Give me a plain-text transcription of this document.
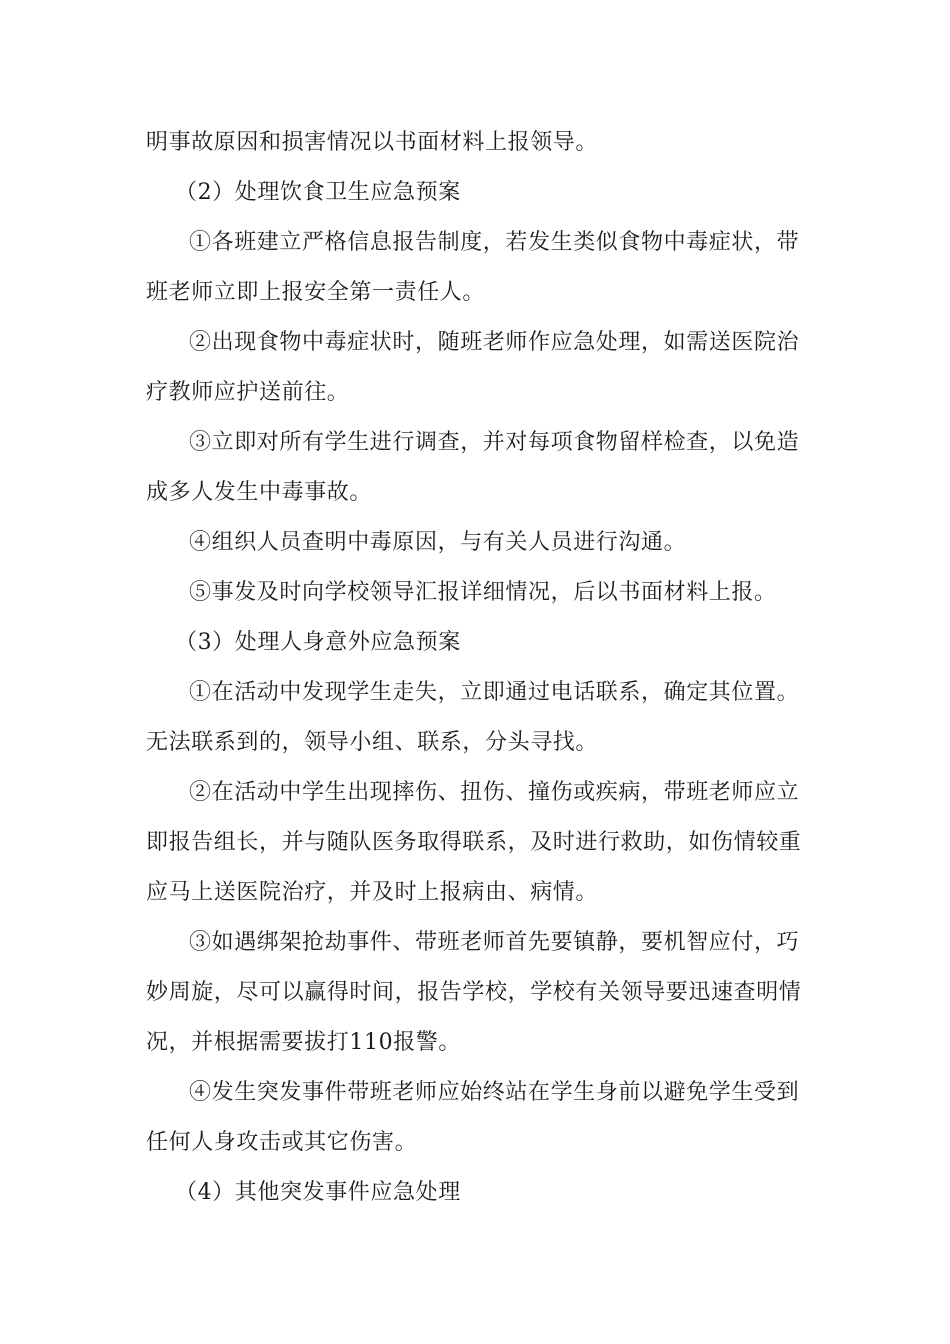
明事故原因和损害情况以书面材料上报领导。
（2）处理饮食卫生应急预案
①各班建立严格信息报告制度，若发生类似食物中毒症状，带
班老师立即上报安全第一责任人。
②出现食物中毒症状时，随班老师作应急处理，如需送医院治
疗教师应护送前往。
③立即对所有学生进行调查，并对每项食物留样检查，以免造
成多人发生中毒事故。
④组织人员查明中毒原因，与有关人员进行沟通。
⑤事发及时向学校领导汇报详细情况，后以书面材料上报。
（3）处理人身意外应急预案
①在活动中发现学生走失，立即通过电话联系，确定其位置。
无法联系到的，领导小组、联系，分头寻找。
②在活动中学生出现摔伤、扭伤、撞伤或疾病，带班老师应立
即报告组长，并与随队医务取得联系，及时进行救助，如伤情较重
应马上送医院治疗，并及时上报病由、病情。
③如遇绑架抢劫事件、带班老师首先要镇静，要机智应付，巧
妙周旋，尽可以赢得时间，报告学校，学校有关领导要迅速查明情
况，并根据需要拔打110报警。
④发生突发事件带班老师应始终站在学生身前以避免学生受到
任何人身攻击或其它伤害。
（4）其他突发事件应急处理
